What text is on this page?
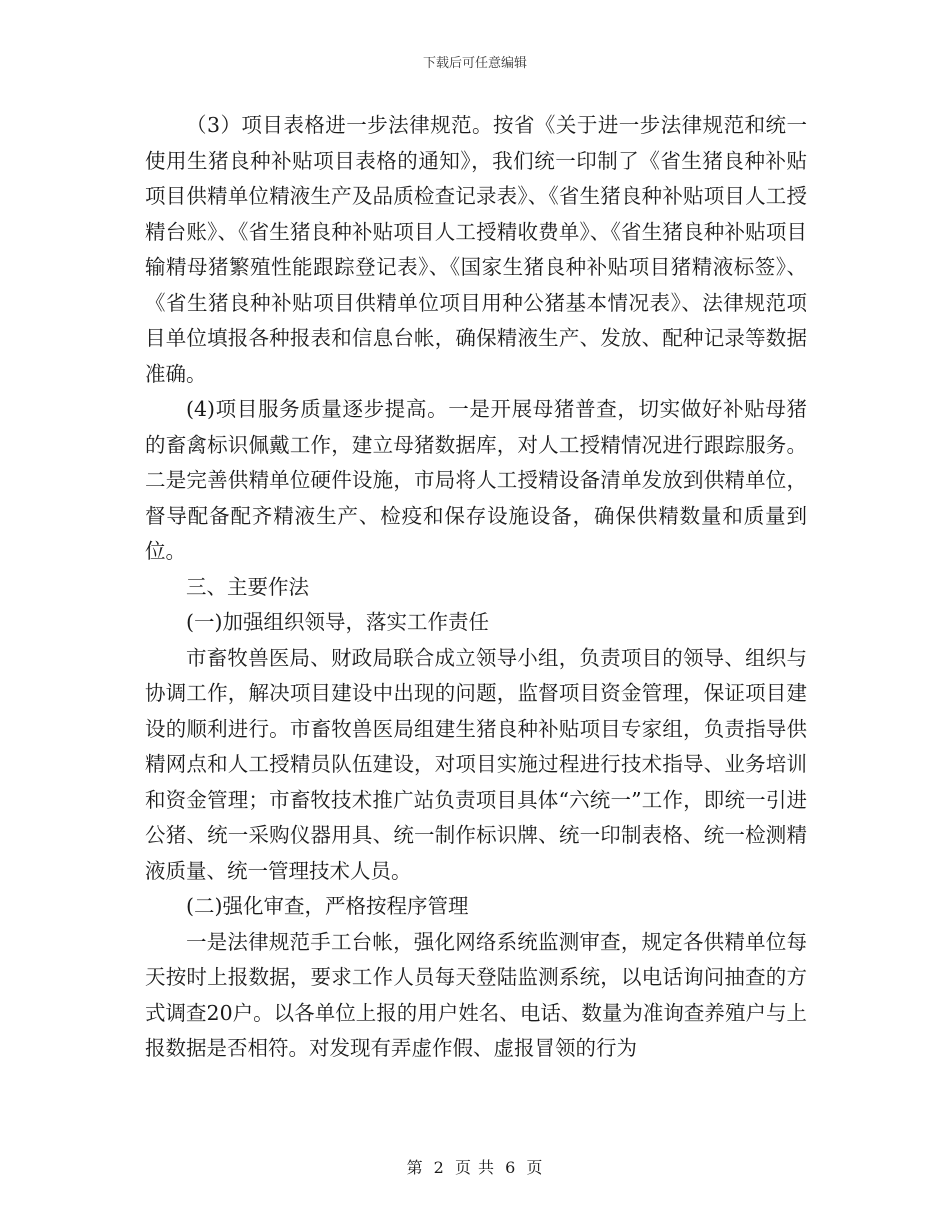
下载后可任意编辑

（3）项目表格进一步法律规范。按省《关于进一步法律规范和统一使用生猪良种补贴项目表格的通知》，我们统一印制了《省生猪良种补贴项目供精单位精液生产及品质检查记录表》、《省生猪良种补贴项目人工授精台账》、《省生猪良种补贴项目人工授精收费单》、《省生猪良种补贴项目输精母猪繁殖性能跟踪登记表》、《国家生猪良种补贴项目猪精液标签》、《省生猪良种补贴项目供精单位项目用种公猪基本情况表》、法律规范项目单位填报各种报表和信息台帐，确保精液生产、发放、配种记录等数据准确。

(4)项目服务质量逐步提高。一是开展母猪普查，切实做好补贴母猪的畜禽标识佩戴工作，建立母猪数据库，对人工授精情况进行跟踪服务。二是完善供精单位硬件设施，市局将人工授精设备清单发放到供精单位，督导配备配齐精液生产、检疫和保存设施设备，确保供精数量和质量到位。

三、主要作法

(一)加强组织领导，落实工作责任

市畜牧兽医局、财政局联合成立领导小组，负责项目的领导、组织与协调工作，解决项目建设中出现的问题，监督项目资金管理，保证项目建设的顺利进行。市畜牧兽医局组建生猪良种补贴项目专家组，负责指导供精网点和人工授精员队伍建设，对项目实施过程进行技术指导、业务培训和资金管理；市畜牧技术推广站负责项目具体“六统一”工作，即统一引进公猪、统一采购仪器用具、统一制作标识牌、统一印制表格、统一检测精液质量、统一管理技术人员。

(二)强化审查，严格按程序管理

一是法律规范手工台帐，强化网络系统监测审查，规定各供精单位每天按时上报数据，要求工作人员每天登陆监测系统，以电话询问抽查的方式调查20户。以各单位上报的用户姓名、电话、数量为准询查养殖户与上报数据是否相符。对发现有弄虚作假、虚报冒领的行为

第 2 页 共 6 页
